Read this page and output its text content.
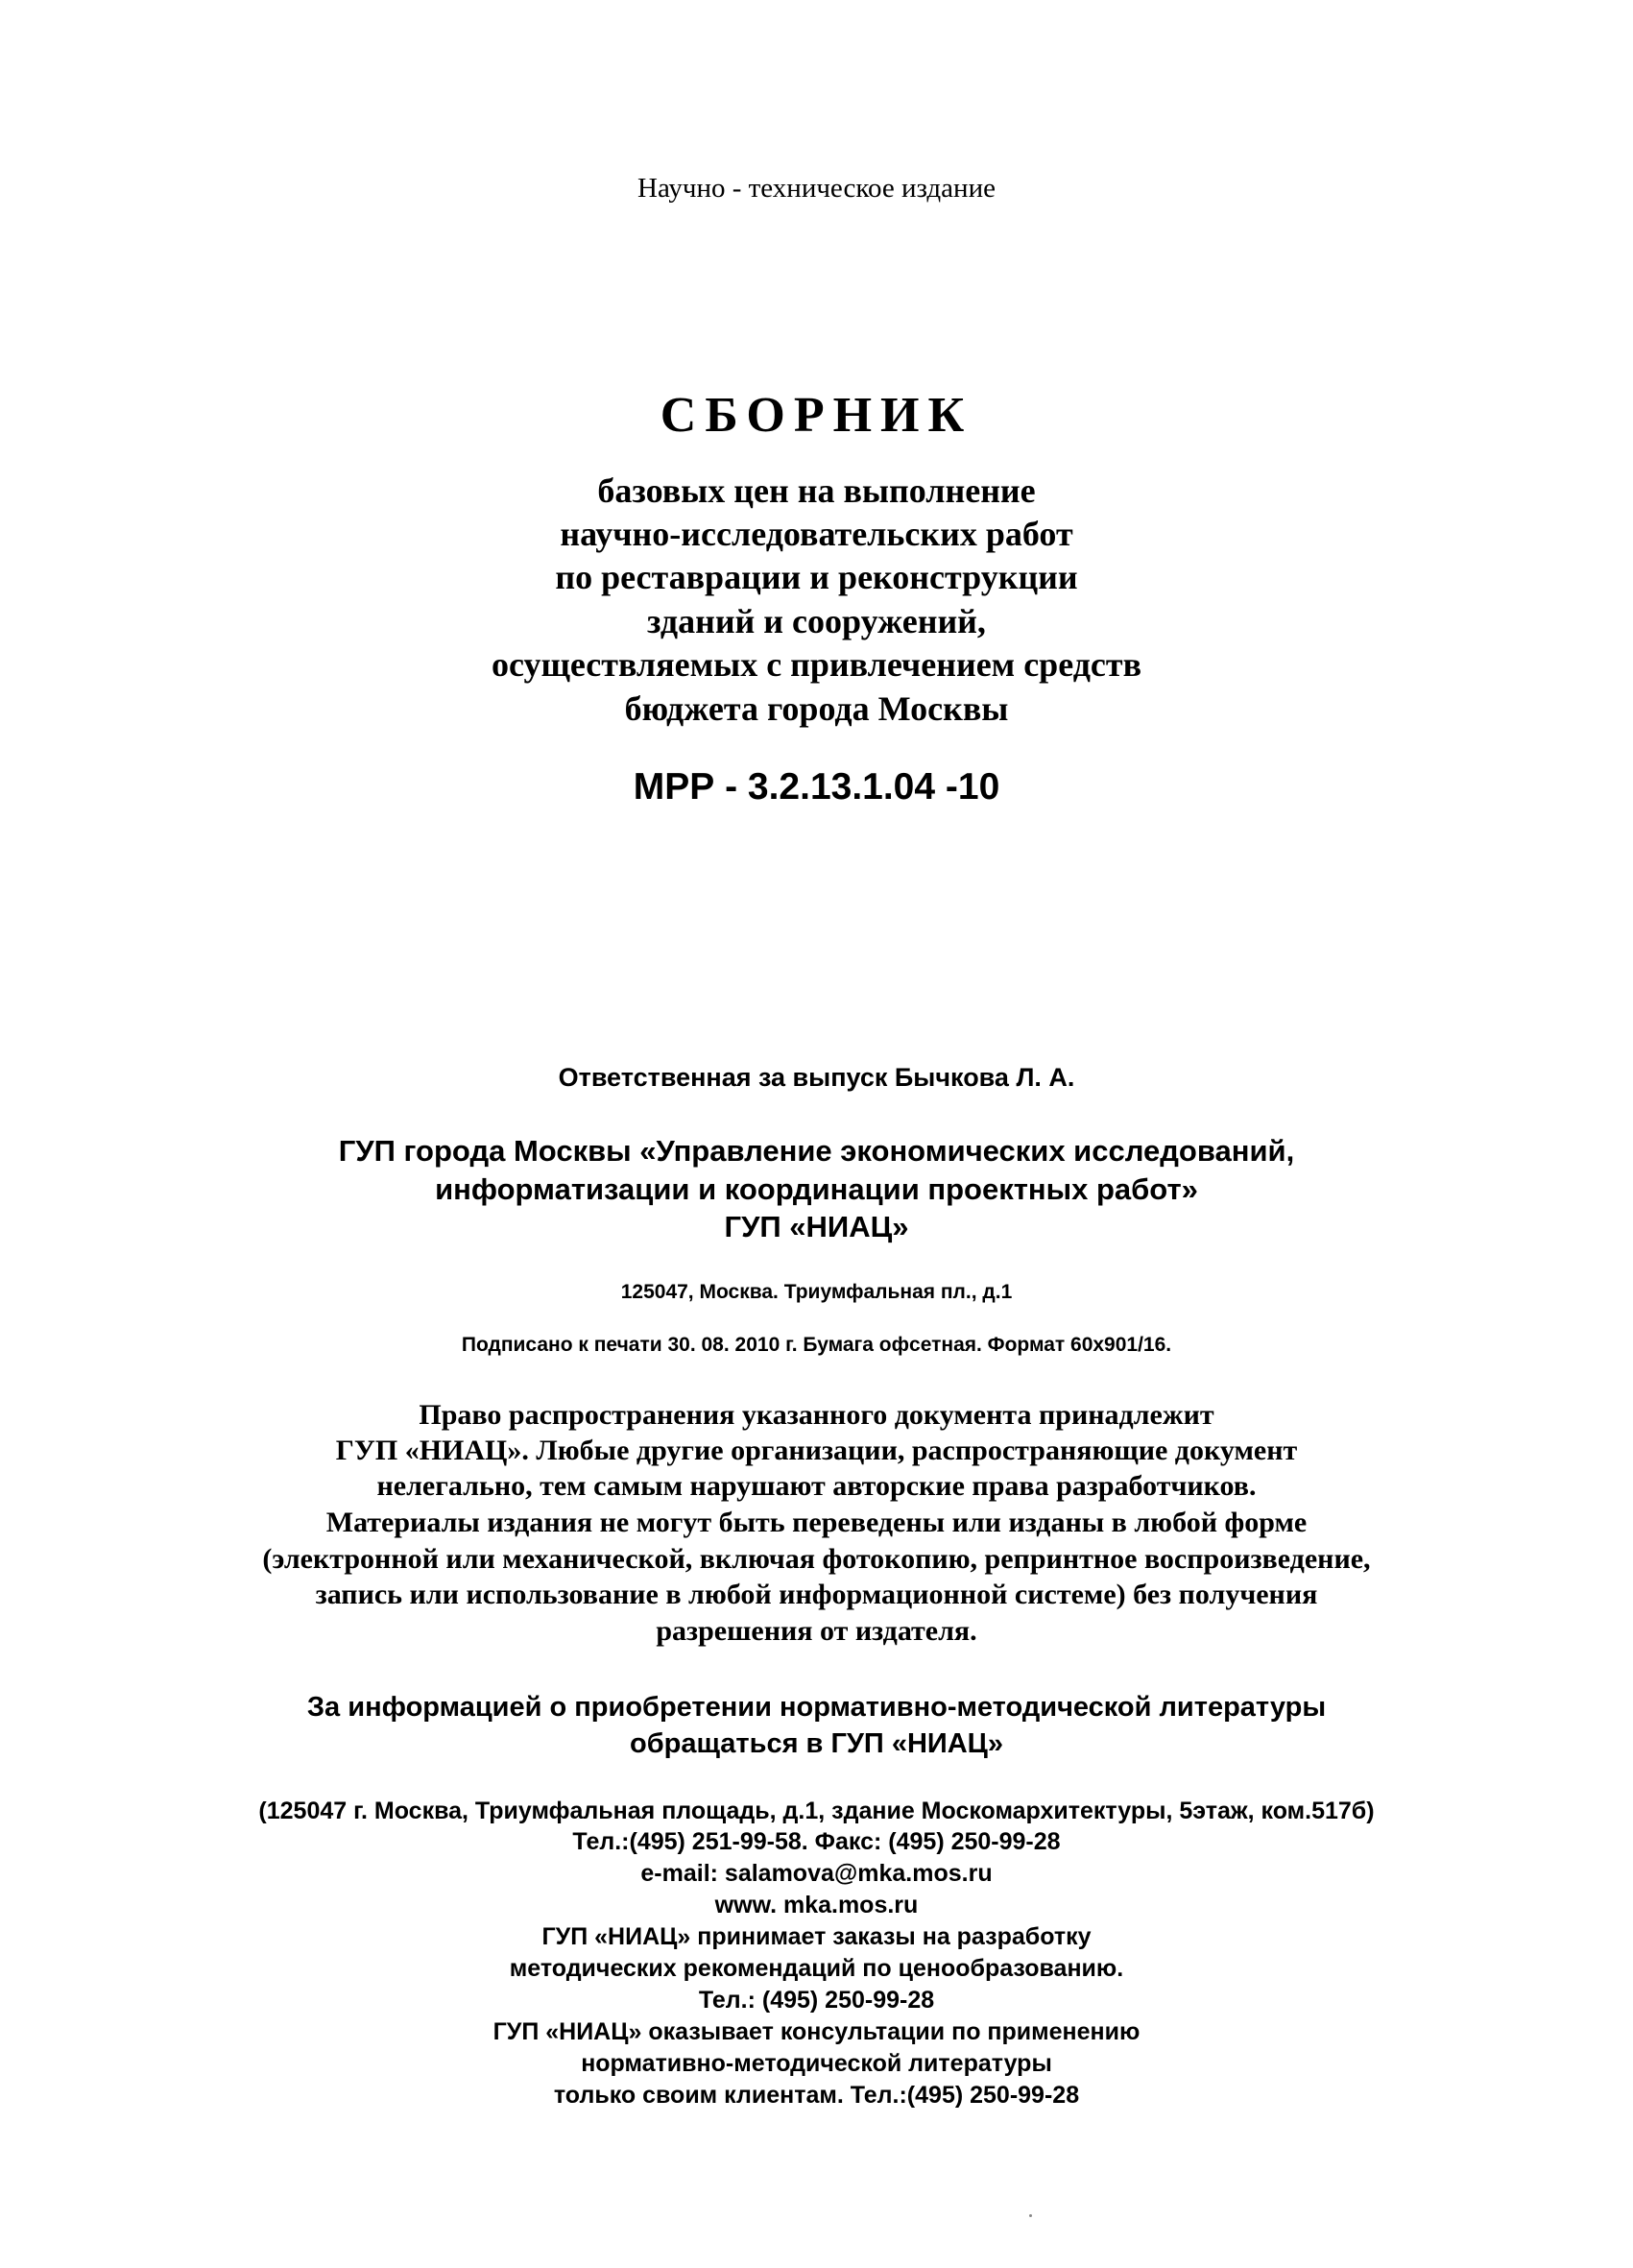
Научно - техническое издание

СБОРНИК

базовых цен на выполнение

научно-исследовательских работ

по реставрации и реконструкции

зданий и сооружений,

осуществляемых с привлечением средств

бюджета города Москвы

МРР - 3.2.13.1.04 -10

Ответственная за выпуск Бычкова Л. А.

ГУП города Москвы «Управление экономических исследований,

информатизации и координации проектных работ»

ГУП «НИАЦ»

125047, Москва. Триумфальная пл., д.1

Подписано к печати 30. 08. 2010 г. Бумага офсетная. Формат 60х901/16.

Право распространения указанного документа принадлежит

ГУП «НИАЦ». Любые другие организации, распространяющие документ

нелегально, тем самым нарушают авторские права разработчиков.

Материалы издания не могут быть переведены или изданы в любой форме

(электронной или механической, включая фотокопию, репринтное воспроизведение,

запись или использование в любой информационной системе) без получения

разрешения от издателя.

За информацией о приобретении нормативно-методической литературы

обращаться в ГУП «НИАЦ»

(125047 г. Москва, Триумфальная площадь, д.1, здание Москомархитектуры, 5этаж, ком.517б)

Тел.:(495) 251-99-58. Факс: (495) 250-99-28

e-mail: salamova@mka.mos.ru

www. mka.mos.ru

ГУП «НИАЦ» принимает заказы на разработку

методических рекомендаций по ценообразованию.

Тел.: (495) 250-99-28

ГУП «НИАЦ» оказывает консультации по применению

нормативно-методической литературы

только своим клиентам. Тел.:(495) 250-99-28
